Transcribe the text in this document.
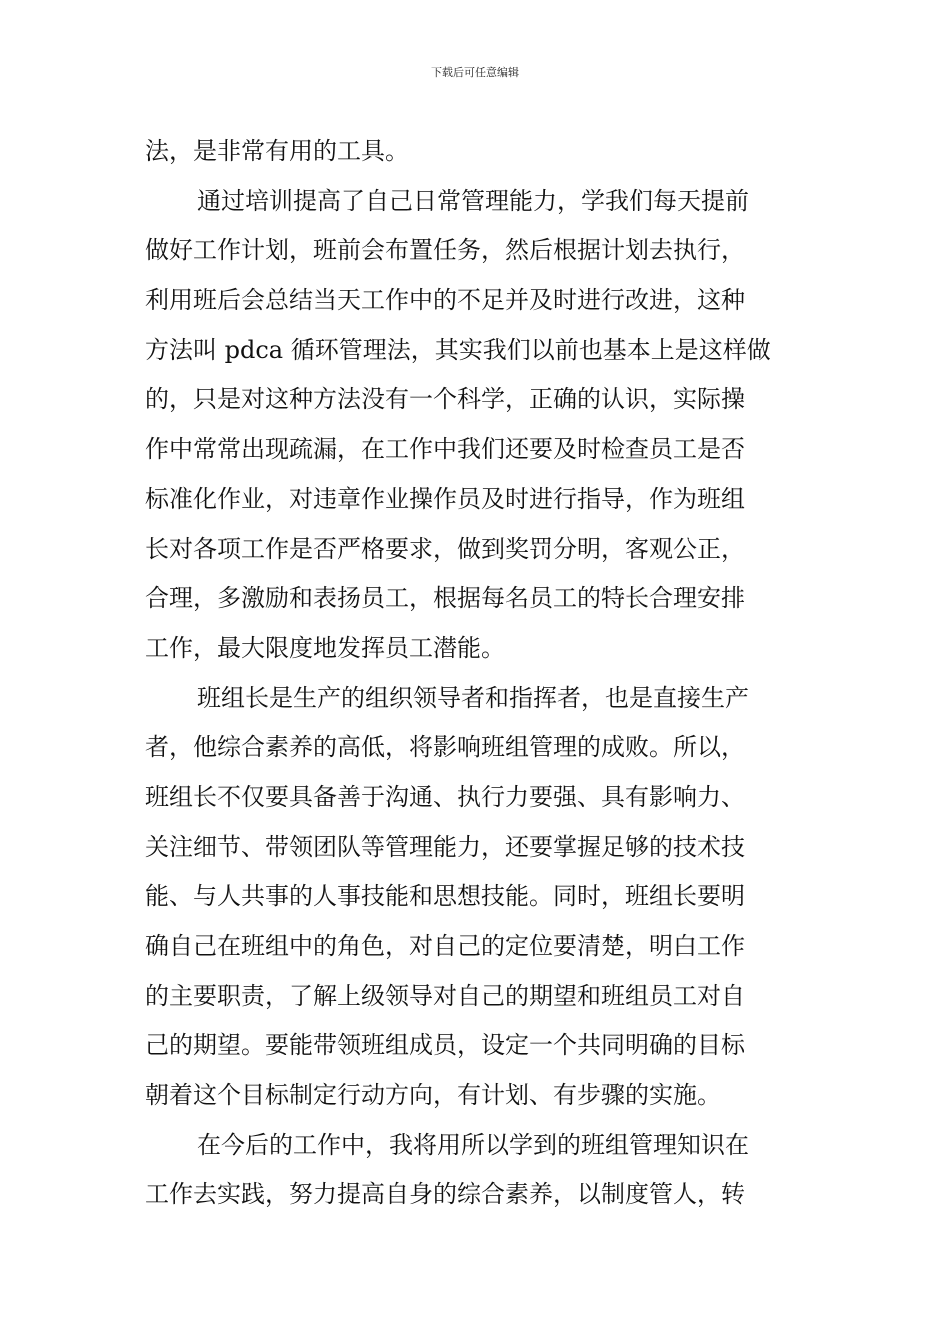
下载后可任意编辑
法，是非常有用的工具。
通过培训提高了自己日常管理能力，学我们每天提前
做好工作计划，班前会布置任务，然后根据计划去执行，
利用班后会总结当天工作中的不足并及时进行改进，这种
方法叫 pdca 循环管理法，其实我们以前也基本上是这样做
的，只是对这种方法没有一个科学，正确的认识，实际操
作中常常出现疏漏，在工作中我们还要及时检查员工是否
标准化作业，对违章作业操作员及时进行指导，作为班组
长对各项工作是否严格要求，做到奖罚分明，客观公正，
合理，多激励和表扬员工，根据每名员工的特长合理安排
工作，最大限度地发挥员工潜能。
班组长是生产的组织领导者和指挥者，也是直接生产
者，他综合素养的高低，将影响班组管理的成败。所以，
班组长不仅要具备善于沟通、执行力要强、具有影响力、
关注细节、带领团队等管理能力，还要掌握足够的技术技
能、与人共事的人事技能和思想技能。同时，班组长要明
确自己在班组中的角色，对自己的定位要清楚，明白工作
的主要职责，了解上级领导对自己的期望和班组员工对自
己的期望。要能带领班组成员，设定一个共同明确的目标
朝着这个目标制定行动方向，有计划、有步骤的实施。
在今后的工作中，我将用所以学到的班组管理知识在
工作去实践，努力提高自身的综合素养，以制度管人，转
